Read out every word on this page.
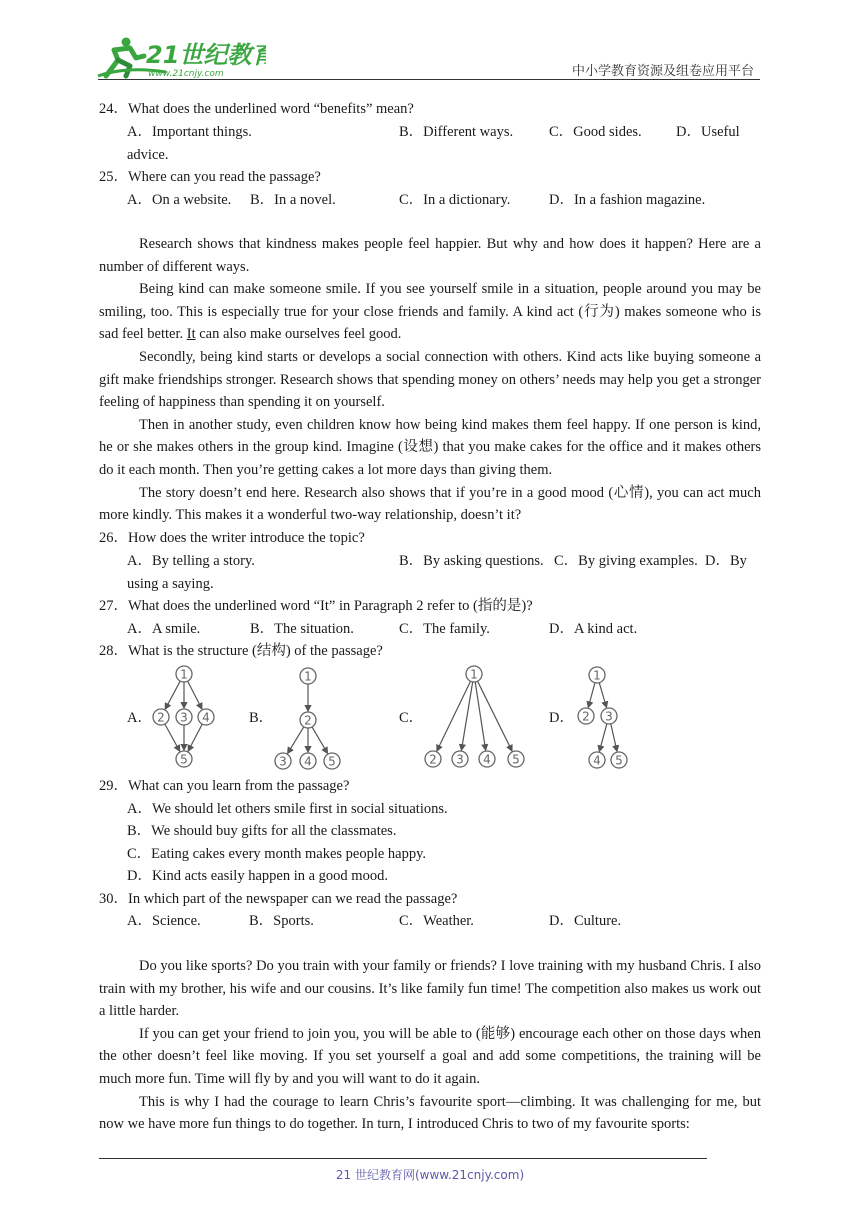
21世纪教育
www.21cnjy.com	中小学教育资源及组卷应用平台
24．What does the underlined word “benefits” mean?
A．Important things.	B．Different ways. C．Good sides. D．Useful
advice.
25．Where can you read the passage?
A．On a website. B．In a novel.	C．In a dictionary.	D．In a fashion magazine.

Research shows that kindness makes people feel happier. But why and how does it happen? Here are a number of different ways.

Being kind can make someone smile. If you see yourself smile in a situation, people around you may be smiling, too. This is especially true for your close friends and family. A kind act (行为) makes someone who is sad feel better. It can also make ourselves feel good.

Secondly, being kind starts or develops a social connection with others. Kind acts like buying someone a gift make friendships stronger. Research shows that spending money on others’ needs may help you get a stronger feeling of happiness than spending it on yourself.

Then in another study, even children know how being kind makes them feel happy. If one person is kind, he or she makes others in the group kind. Imagine (设想) that you make cakes for the office and it makes others do it each month. Then you’re getting cakes a lot more days than giving them.

The story doesn’t end here. Research also shows that if you’re in a good mood (心情), you can act much more kindly. This makes it a wonderful two-way relationship, doesn’t it?

26．How does the writer introduce the topic?
A．By telling a story.	B．By asking questions. C．By giving examples. D．By
using a saying.
27．What does the underlined word “It” in Paragraph 2 refer to (指的是)?
A．A smile.	B．The situation.	C．The family.	D．A kind act.
28．What is the structure (结构) of the passage?
A．	B．	C．	D．
1
2 3 4
5
1
2
3 4 5
1
2 3 4 5
1
2 3
4 5
29．What can you learn from the passage?
A．We should let others smile first in social situations.
B．We should buy gifts for all the classmates.
C．Eating cakes every month makes people happy.
D．Kind acts easily happen in a good mood.
30．In which part of the newspaper can we read the passage?
A．Science.	B．Sports.	C．Weather.	D．Culture.

Do you like sports? Do you train with your family or friends? I love training with my husband Chris. I also train with my brother, his wife and our cousins. It’s like family fun time! The competition also makes us work out a little harder.

If you can get your friend to join you, you will be able to (能够) encourage each other on those days when the other doesn’t feel like moving. If you set yourself a goal and add some competitions, the training will be much more fun. Time will fly by and you will want to do it again.

This is why I had the courage to learn Chris’s favourite sport—climbing. It was challenging for me, but now we have more fun things to do together. In turn, I introduced Chris to two of my favourite sports:

21 世纪教育网(www.21cnjy.com)
